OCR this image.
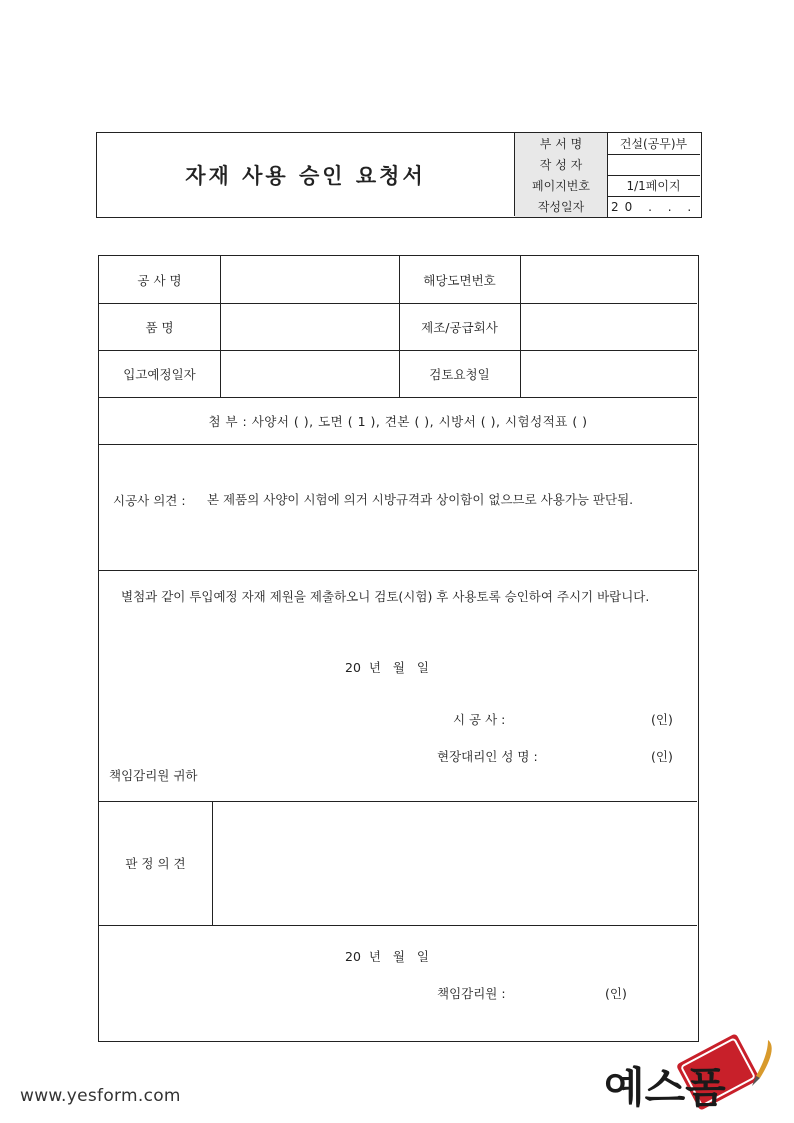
자재 사용 승인 요청서
부 서 명	건설(공무)부
작 성 자
페이지번호	1/1페이지
작성일자	20 . . .
공 사 명	해당도면번호
품 명	제조/공급회사
입고예정일자	검토요청일
첨 부 : 사양서 ( ), 도면 ( 1 ), 견본 ( ), 시방서 ( ), 시험성적표 ( )
시공사 의견 : 본 제품의 사양이 시험에 의거 시방규격과 상이함이 없으므로 사용가능 판단됨.
별첨과 같이 투입예정 자재 제원을 제출하오니 검토(시험) 후 사용토록 승인하여 주시기 바랍니다.
20  년   월   일
시 공 사 :	(인)
현장대리인 성 명 :	(인)
책임감리원 귀하
판 정 의 견
20  년   월   일
책임감리원 :	(인)
www.yesform.com	예스폼
